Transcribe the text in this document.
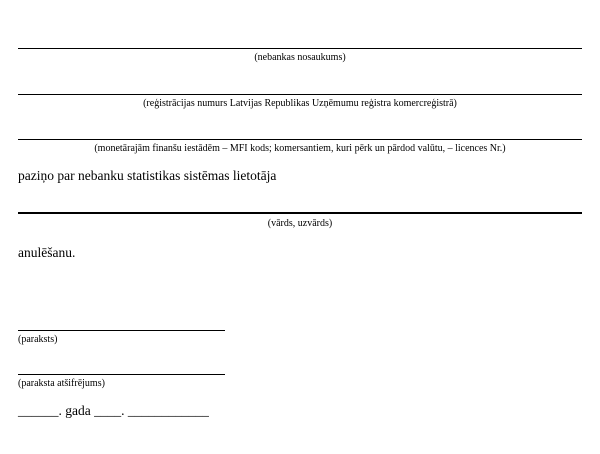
(nebankas nosaukums)
(reģistrācijas numurs Latvijas Republikas Uzņēmumu reģistra komercreģistrā)
(monetārajām finanšu iestādēm – MFI kods; komersantiem, kuri pērk un pārdod valūtu, – licences Nr.)
paziņo par nebanku statistikas sistēmas lietotāja
(vārds, uzvārds)
anulēšanu.
(paraksts)
(paraksta atšifrējums)
______. gada ____. ____________
